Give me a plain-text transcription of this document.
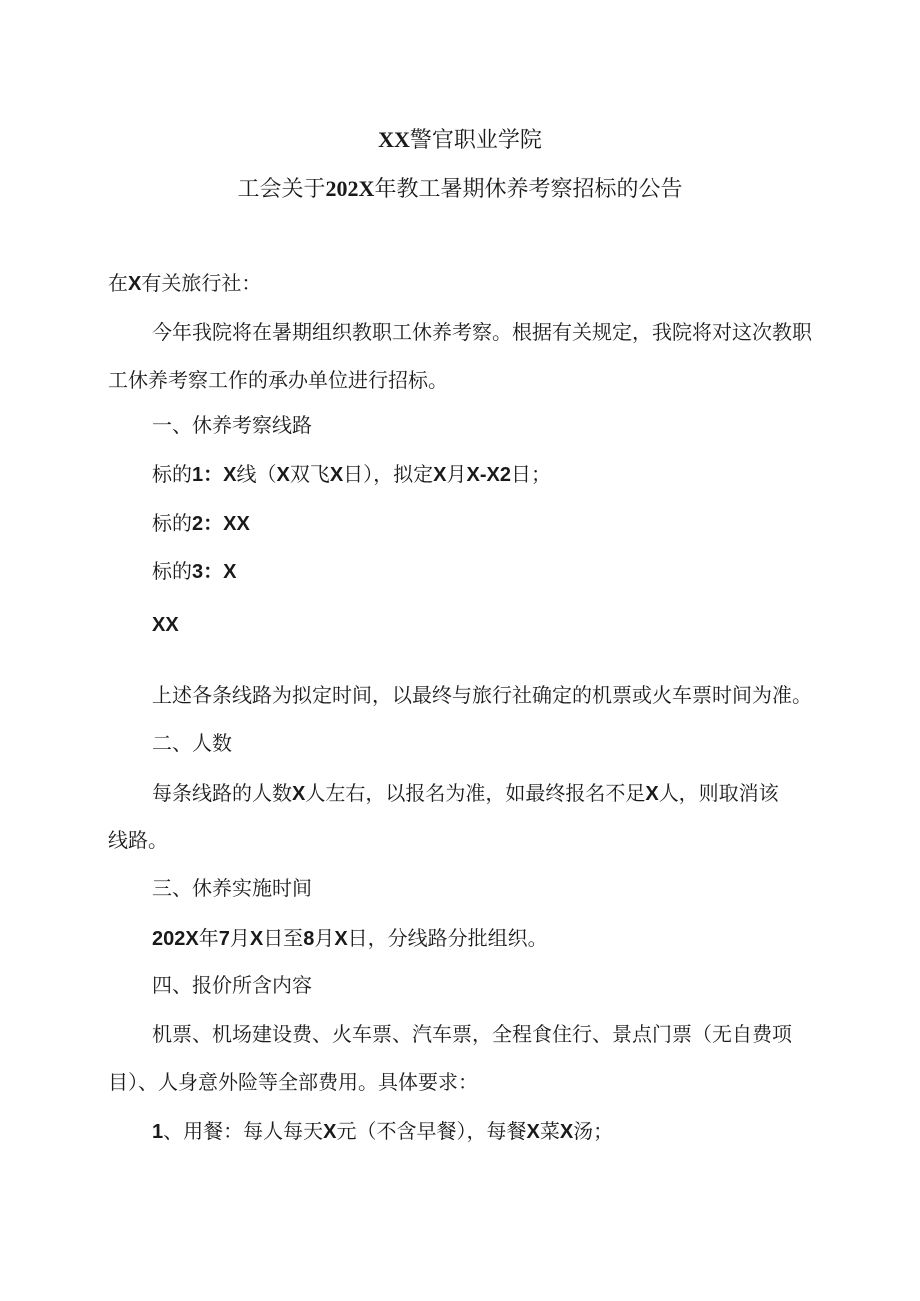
XX警官职业学院
工会关于202X年教工暑期休养考察招标的公告
在X有关旅行社：
今年我院将在暑期组织教职工休养考察。根据有关规定，我院将对这次教职
工休养考察工作的承办单位进行招标。
一、休养考察线路
标的1：X线（X双飞X日），拟定X月X-X2日；
标的2：XX
标的3：X
XX
上述各条线路为拟定时间，以最终与旅行社确定的机票或火车票时间为准。
二、人数
每条线路的人数X人左右，以报名为准，如最终报名不足X人，则取消该
线路。
三、休养实施时间
202X年7月X日至8月X日，分线路分批组织。
四、报价所含内容
机票、机场建设费、火车票、汽车票，全程食住行、景点门票（无自费项
目）、人身意外险等全部费用。具体要求：
1、用餐：每人每天X元（不含早餐），每餐X菜X汤；
